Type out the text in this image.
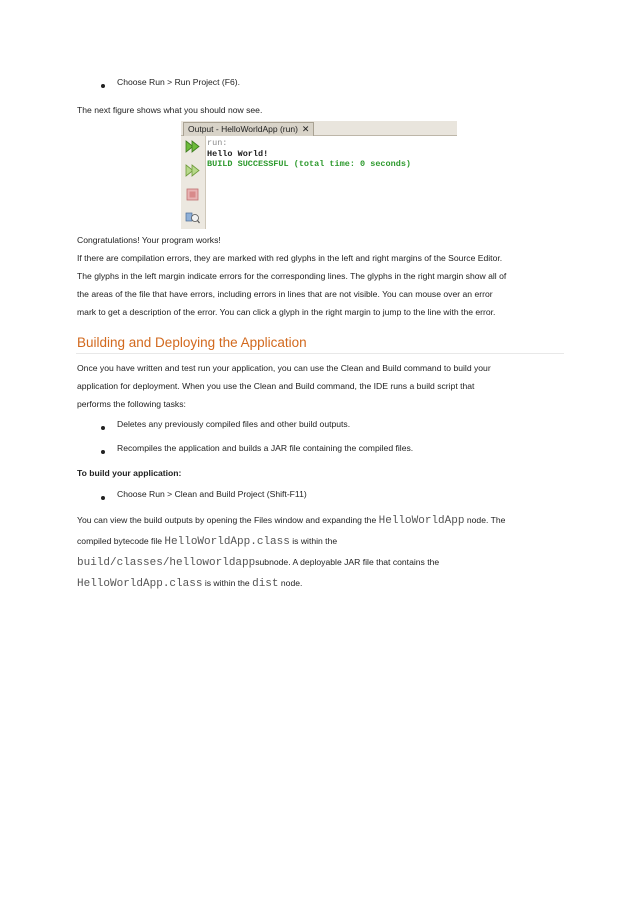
Choose Run > Run Project (F6).
The next figure shows what you should now see.
Output - HelloWorldApp (run) ✕
run:
Hello World!
BUILD SUCCESSFUL (total time: 0 seconds)
Congratulations! Your program works!
If there are compilation errors, they are marked with red glyphs in the left and right margins of the Source Editor.
The glyphs in the left margin indicate errors for the corresponding lines. The glyphs in the right margin show all of
the areas of the file that have errors, including errors in lines that are not visible. You can mouse over an error
mark to get a description of the error. You can click a glyph in the right margin to jump to the line with the error.
Building and Deploying the Application
Once you have written and test run your application, you can use the Clean and Build command to build your
application for deployment. When you use the Clean and Build command, the IDE runs a build script that
performs the following tasks:
Deletes any previously compiled files and other build outputs.
Recompiles the application and builds a JAR file containing the compiled files.
To build your application:
Choose Run > Clean and Build Project (Shift-F11)
You can view the build outputs by opening the Files window and expanding the HelloWorldApp node. The
compiled bytecode file HelloWorldApp.class is within the
build/classes/helloworldappsubnode. A deployable JAR file that contains the
HelloWorldApp.class is within the dist node.
